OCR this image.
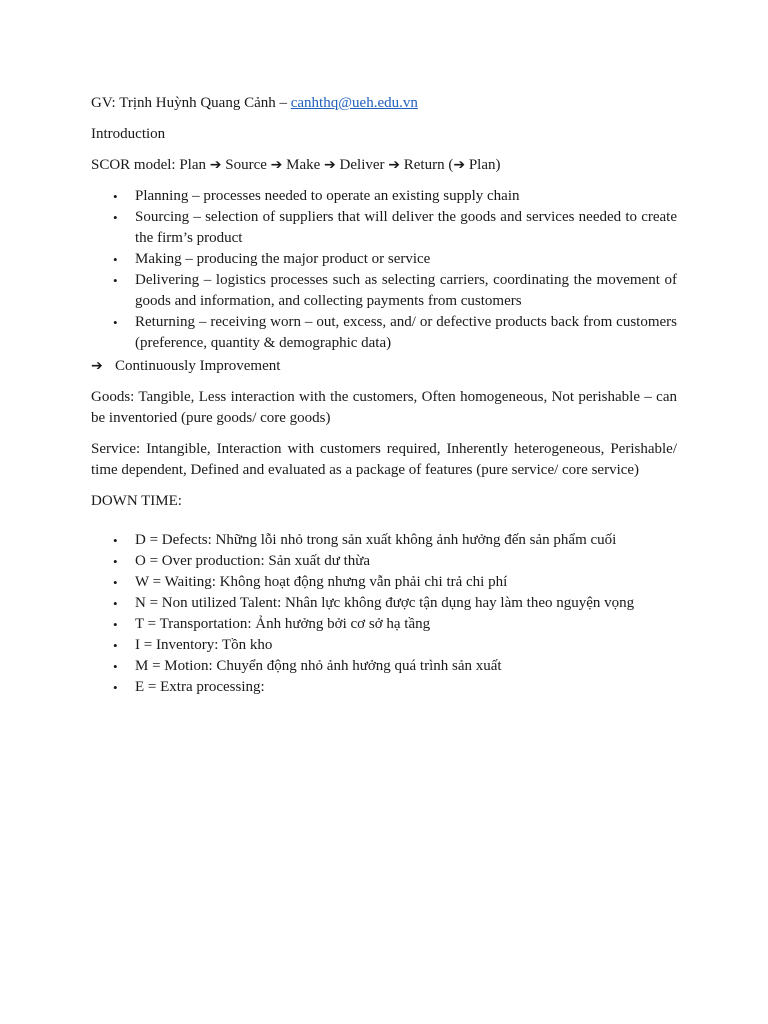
GV: Trịnh Huỳnh Quang Cảnh – canhthq@ueh.edu.vn

Introduction

SCOR model: Plan ➔ Source ➔ Make ➔ Deliver ➔ Return (➔ Plan)

• Planning – processes needed to operate an existing supply chain
• Sourcing – selection of suppliers that will deliver the goods and services needed to create the firm’s product
• Making – producing the major product or service
• Delivering – logistics processes such as selecting carriers, coordinating the movement of goods and information, and collecting payments from customers
• Returning – receiving worn – out, excess, and/ or defective products back from customers (preference, quantity & demographic data)
➔ Continuously Improvement

Goods: Tangible, Less interaction with the customers, Often homogeneous, Not perishable – can be inventoried (pure goods/ core goods)

Service: Intangible, Interaction with customers required, Inherently heterogeneous, Perishable/ time dependent, Defined and evaluated as a package of features (pure service/ core service)

DOWN TIME:

• D = Defects: Những lỗi nhỏ trong sản xuất không ảnh hưởng đến sản phẩm cuối
• O = Over production: Sản xuất dư thừa
• W = Waiting: Không hoạt động nhưng vẫn phải chi trả chi phí
• N = Non utilized Talent: Nhân lực không được tận dụng hay làm theo nguyện vọng
• T = Transportation: Ảnh hưởng bởi cơ sở hạ tầng
• I = Inventory: Tồn kho
• M = Motion: Chuyển động nhỏ ảnh hưởng quá trình sản xuất
• E = Extra processing:
